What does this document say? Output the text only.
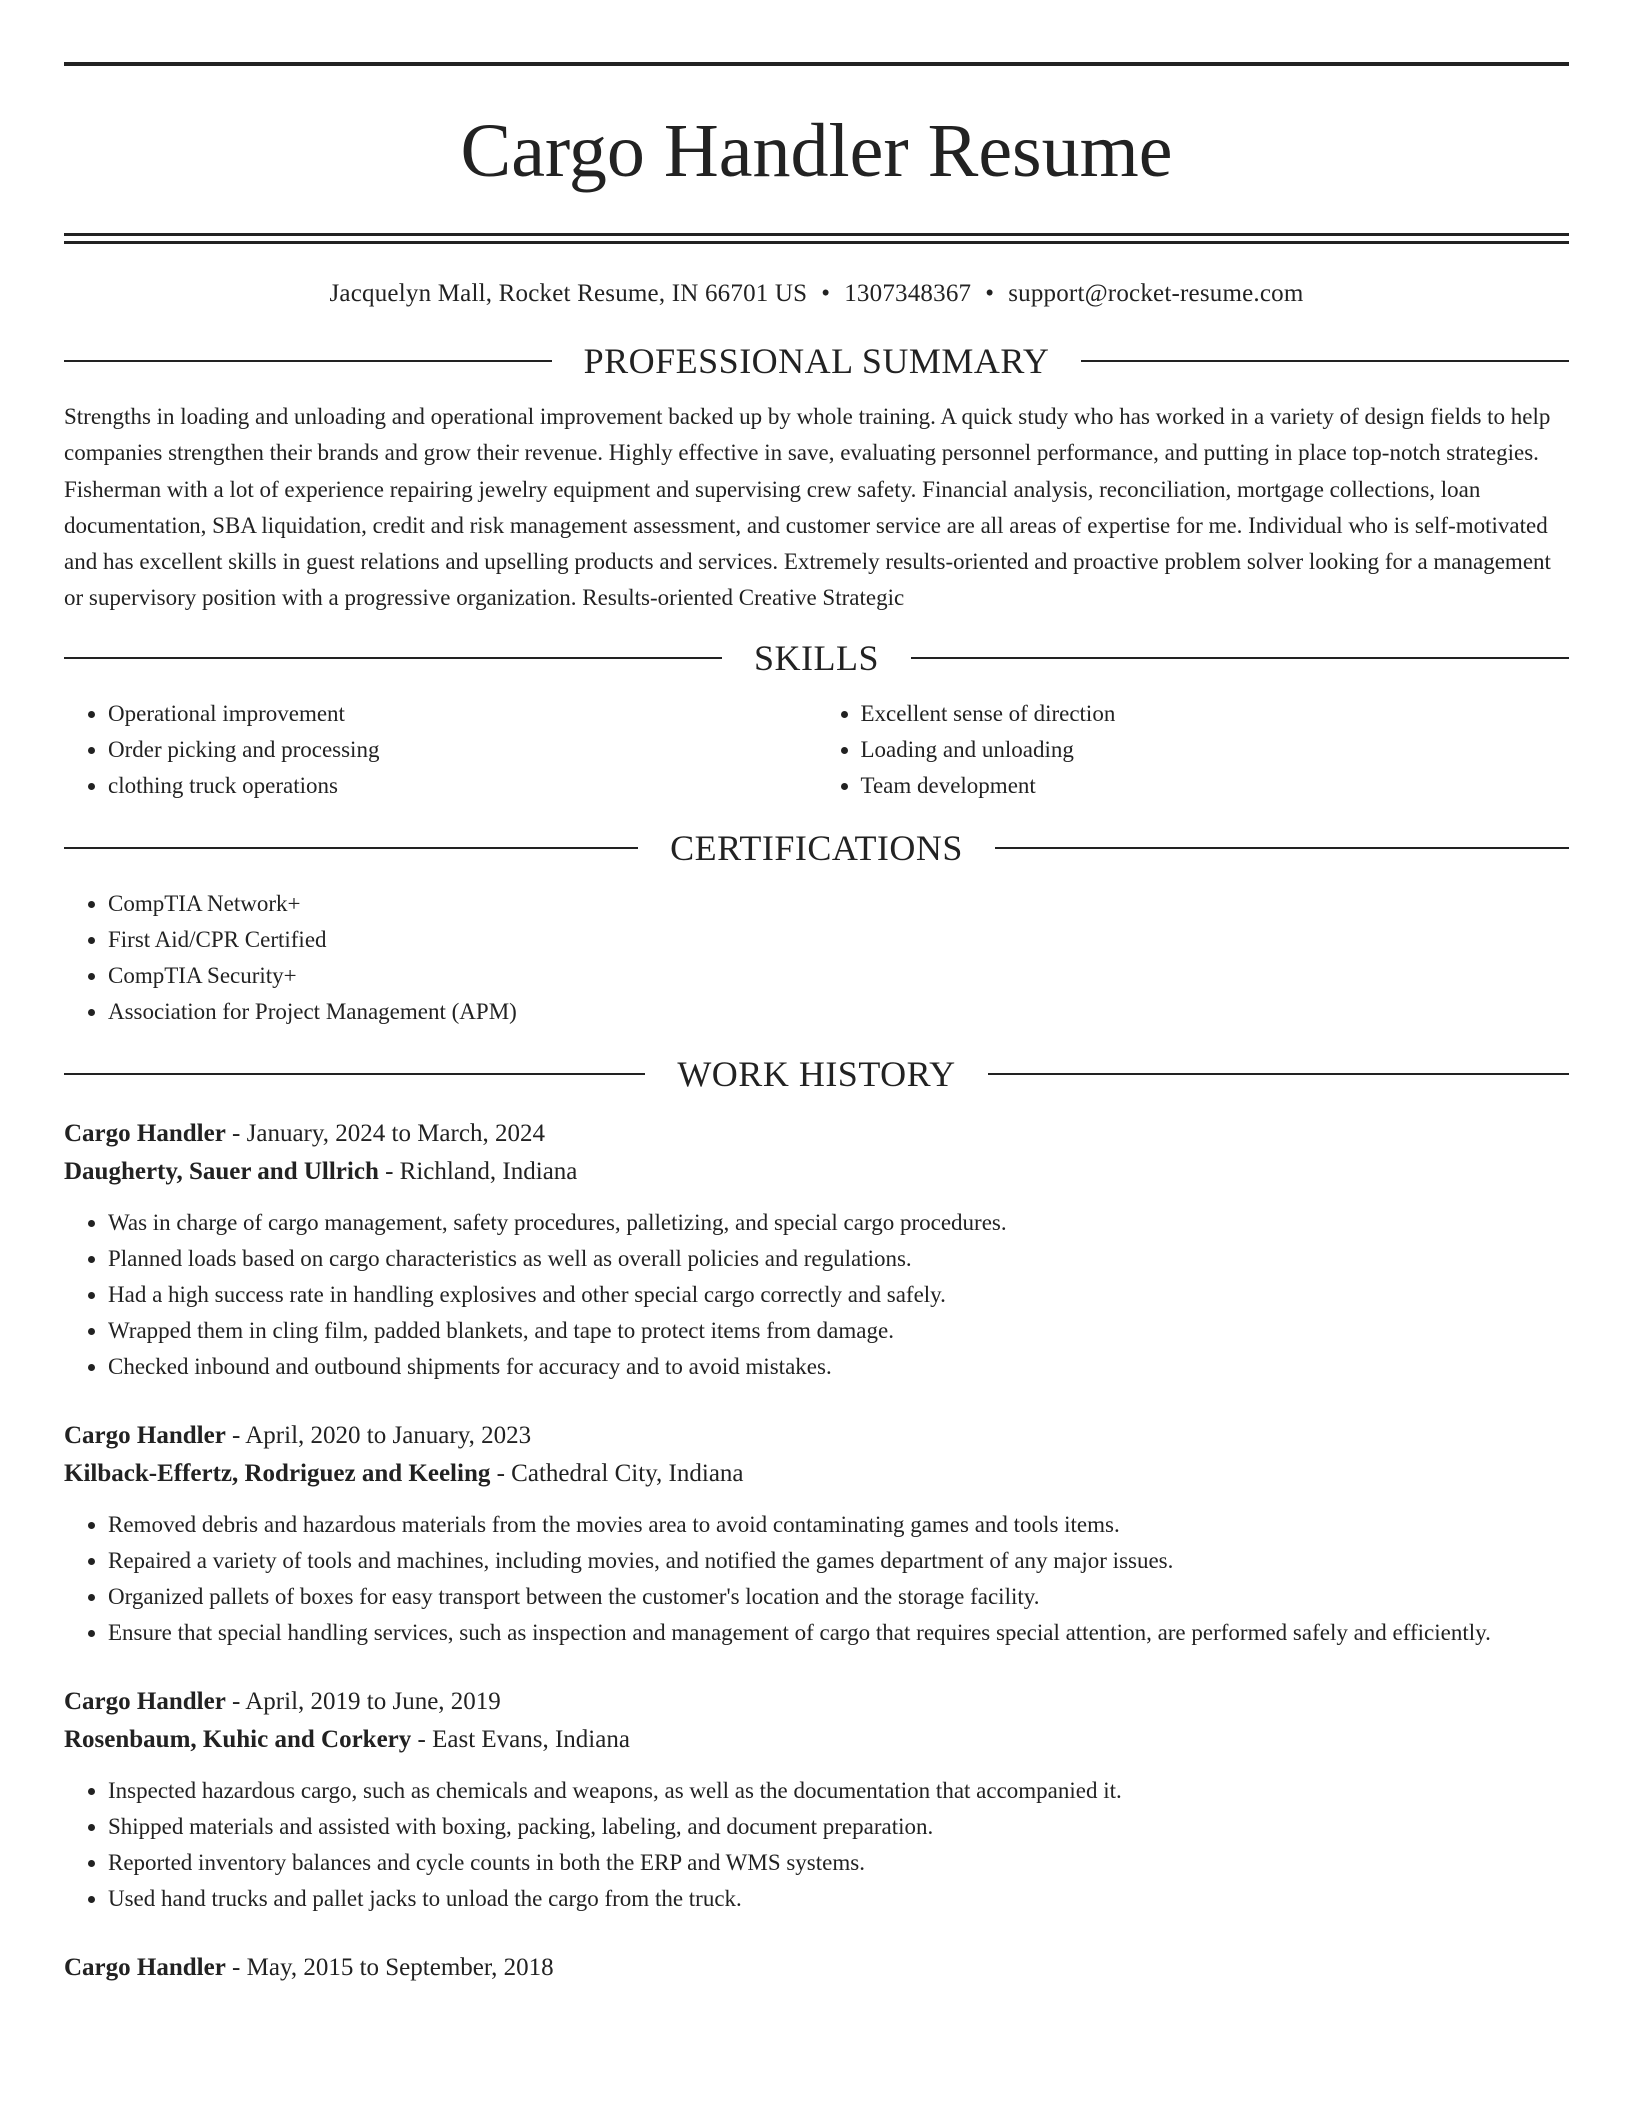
Cargo Handler Resume
Jacquelyn Mall, Rocket Resume, IN 66701 US • 1307348367 • support@rocket-resume.com
PROFESSIONAL SUMMARY

Strengths in loading and unloading and operational improvement backed up by whole training. A quick study who has worked in a variety of design fields to help companies strengthen their brands and grow their revenue. Highly effective in save, evaluating personnel performance, and putting in place top-notch strategies. Fisherman with a lot of experience repairing jewelry equipment and supervising crew safety. Financial analysis, reconciliation, mortgage collections, loan documentation, SBA liquidation, credit and risk management assessment, and customer service are all areas of expertise for me. Individual who is self-motivated and has excellent skills in guest relations and upselling products and services. Extremely results-oriented and proactive problem solver looking for a management or supervisory position with a progressive organization. Results-oriented Creative Strategic

SKILLS
• Operational improvement
• Order picking and processing
• clothing truck operations
• Excellent sense of direction
• Loading and unloading
• Team development
CERTIFICATIONS
• CompTIA Network+
• First Aid/CPR Certified
• CompTIA Security+
• Association for Project Management (APM)
WORK HISTORY
Cargo Handler - January, 2024 to March, 2024
Daugherty, Sauer and Ullrich - Richland, Indiana
• Was in charge of cargo management, safety procedures, palletizing, and special cargo procedures.
• Planned loads based on cargo characteristics as well as overall policies and regulations.
• Had a high success rate in handling explosives and other special cargo correctly and safely.
• Wrapped them in cling film, padded blankets, and tape to protect items from damage.
• Checked inbound and outbound shipments for accuracy and to avoid mistakes.
Cargo Handler - April, 2020 to January, 2023
Kilback-Effertz, Rodriguez and Keeling - Cathedral City, Indiana
• Removed debris and hazardous materials from the movies area to avoid contaminating games and tools items.
• Repaired a variety of tools and machines, including movies, and notified the games department of any major issues.
• Organized pallets of boxes for easy transport between the customer's location and the storage facility.
• Ensure that special handling services, such as inspection and management of cargo that requires special attention, are performed safely and efficiently.
Cargo Handler - April, 2019 to June, 2019
Rosenbaum, Kuhic and Corkery - East Evans, Indiana
• Inspected hazardous cargo, such as chemicals and weapons, as well as the documentation that accompanied it.
• Shipped materials and assisted with boxing, packing, labeling, and document preparation.
• Reported inventory balances and cycle counts in both the ERP and WMS systems.
• Used hand trucks and pallet jacks to unload the cargo from the truck.
Cargo Handler - May, 2015 to September, 2018
